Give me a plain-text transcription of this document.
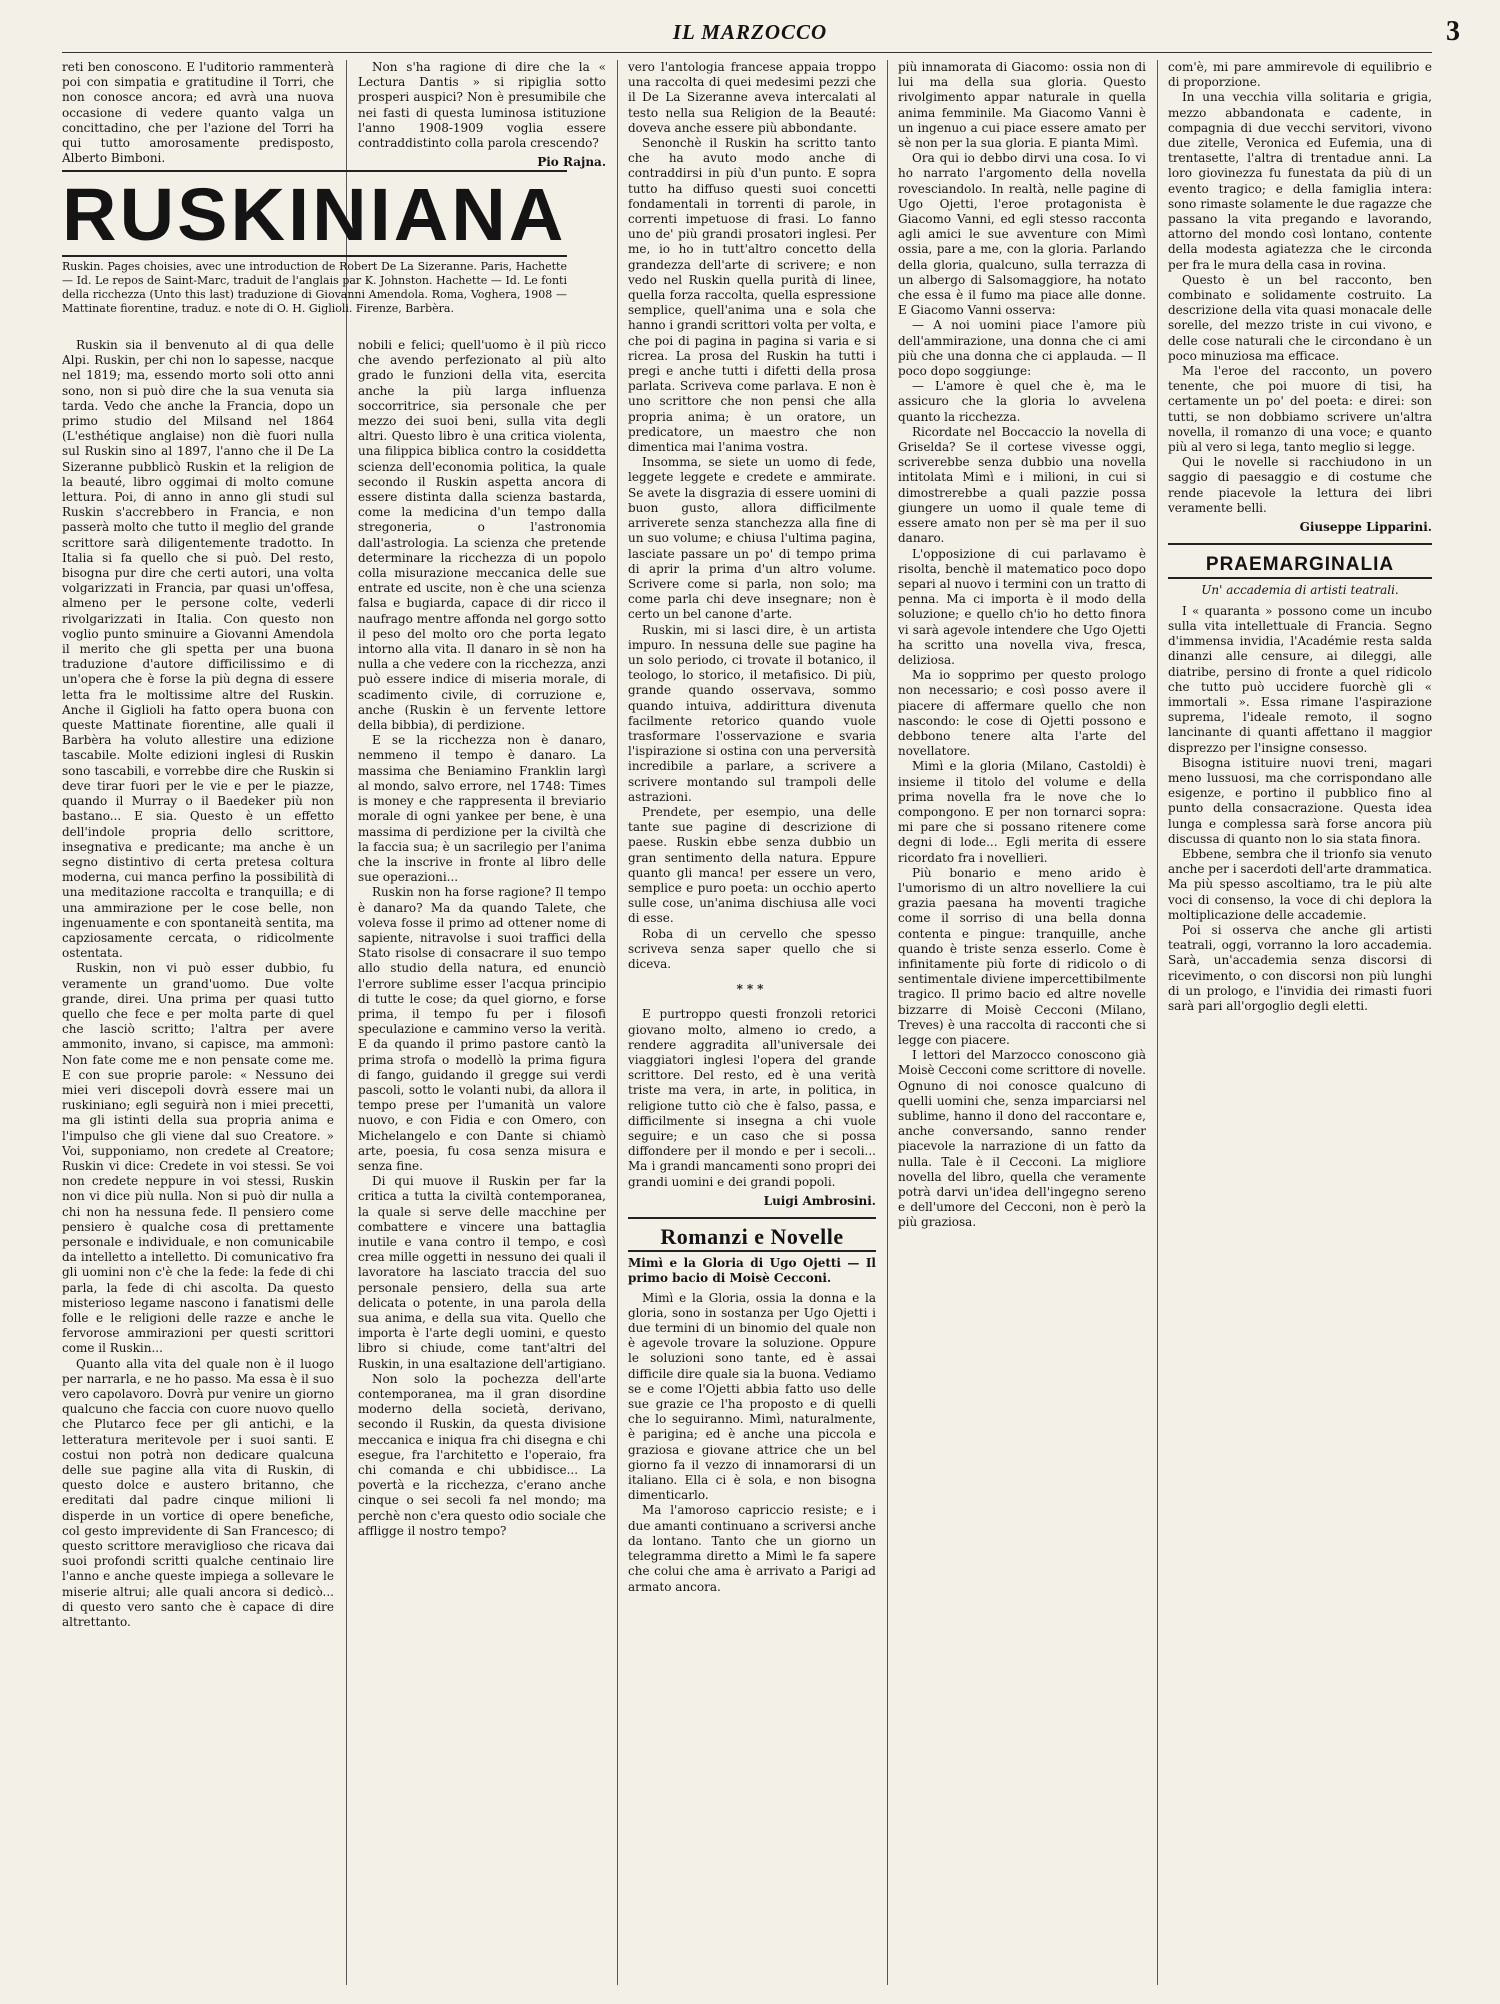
IL MARZOCCO	3

reti ben conoscono. E l'uditorio rammenterà poi con simpatia e gratitudine il Torri, che non conosce ancora; ed avrà una nuova occasione di vedere quanto valga un concittadino, che per l'azione del Torri ha qui tutto amorosamente predisposto, Alberto Bimboni.

Non s'ha ragione di dire che la « Lectura Dantis » si ripiglia sotto prosperi auspici? Non è presumibile che nei fasti di questa luminosa istituzione l'anno 1908-1909 voglia essere contraddistinto colla parola crescendo?

Pio Rajna.
RUSKINIANA
Ruskin. Pages choisies, avec une introduction de Robert De La Sizeranne. Paris, Hachette — Id. Le repos de Saint-Marc, traduit de l'anglais par K. Johnston. Hachette — Id. Le fonti della ricchezza (Unto this last) traduzione di Giovanni Amendola. Roma, Voghera, 1908 — Mattinate fiorentine, traduz. e note di O. H. Giglioli. Firenze, Barbèra.

Ruskin sia il benvenuto al di qua delle Alpi. Ruskin, per chi non lo sapesse, nacque nel 1819; ma, essendo morto soli otto anni sono, non si può dire che la sua venuta sia tarda. Vedo che anche la Francia, dopo un primo studio del Milsand nel 1864 (L'esthétique anglaise) non diè fuori nulla sul Ruskin sino al 1897, l'anno che il De La Sizeranne pubblicò Ruskin et la religion de la beauté, libro oggimai di molto comune lettura. Poi, di anno in anno gli studi sul Ruskin s'accrebbero in Francia, e non passerà molto che tutto il meglio del grande scrittore sarà diligentemente tradotto. In Italia si fa quello che si può. Del resto, bisogna pur dire che certi autori, una volta volgarizzati in Francia, par quasi un'offesa, almeno per le persone colte, vederli rivolgarizzati in Italia. Con questo non voglio punto sminuire a Giovanni Amendola il merito che gli spetta per una buona traduzione d'autore difficilissimo e di un'opera che è forse la più degna di essere letta fra le moltissime altre del Ruskin. Anche il Giglioli ha fatto opera buona con queste Mattinate fiorentine, alle quali il Barbèra ha voluto allestire una edizione tascabile. Molte edizioni inglesi di Ruskin sono tascabili, e vorrebbe dire che Ruskin si deve tirar fuori per le vie e per le piazze, quando il Murray o il Baedeker più non bastano... E sia. Questo è un effetto dell'indole propria dello scrittore, insegnativa e predicante; ma anche è un segno distintivo di certa pretesa coltura moderna, cui manca perfino la possibilità di una meditazione raccolta e tranquilla; e di una ammirazione per le cose belle, non ingenuamente e con spontaneità sentita, ma capziosamente cercata, o ridicolmente ostentata.

Ruskin, non vi può esser dubbio, fu veramente un grand'uomo. Due volte grande, direi. Una prima per quasi tutto quello che fece e per molta parte di quel che lasciò scritto; l'altra per avere ammonito, invano, si capisce, ma ammonì: Non fate come me e non pensate come me. E con sue proprie parole: « Nessuno dei miei veri discepoli dovrà essere mai un ruskiniano; egli seguirà non i miei precetti, ma gli istinti della sua propria anima e l'impulso che gli viene dal suo Creatore. » Voi, supponiamo, non credete al Creatore; Ruskin vi dice: Credete in voi stessi. Se voi non credete neppure in voi stessi, Ruskin non vi dice più nulla. Non si può dir nulla a chi non ha nessuna fede. Il pensiero come pensiero è qualche cosa di prettamente personale e individuale, e non comunicabile da intelletto a intelletto. Di comunicativo fra gli uomini non c'è che la fede: la fede di chi parla, la fede di chi ascolta. Da questo misterioso legame nascono i fanatismi delle folle e le religioni delle razze e anche le fervorose ammirazioni per questi scrittori come il Ruskin...

Quanto alla vita del quale non è il luogo per narrarla, e ne ho passo. Ma essa è il suo vero capolavoro. Dovrà pur venire un giorno qualcuno che faccia con cuore nuovo quello che Plutarco fece per gli antichi, e la letteratura meritevole per i suoi santi. E costui non potrà non dedicare qualcuna delle sue pagine alla vita di Ruskin, di questo dolce e austero britanno, che ereditati dal padre cinque milioni li disperde in un vortice di opere benefiche, col gesto imprevidente di San Francesco; di questo scrittore meraviglioso che ricava dai suoi profondi scritti qualche centinaio lire l'anno e anche queste impiega a sollevare le miserie altrui; alle quali ancora si dedicò... di questo vero santo che è capace di dire altrettanto.

nobili e felici; quell'uomo è il più ricco che avendo perfezionato al più alto grado le funzioni della vita, esercita anche la più larga influenza soccorritrice, sia personale che per mezzo dei suoi beni, sulla vita degli altri. Questo libro è una critica violenta, una filippica biblica contro la cosiddetta scienza dell'economia politica, la quale secondo il Ruskin aspetta ancora di essere distinta dalla scienza bastarda, come la medicina d'un tempo dalla stregoneria, o l'astronomia dall'astrologia. La scienza che pretende determinare la ricchezza di un popolo colla misurazione meccanica delle sue entrate ed uscite, non è che una scienza falsa e bugiarda, capace di dir ricco il naufrago mentre affonda nel gorgo sotto il peso del molto oro che porta legato intorno alla vita. Il danaro in sè non ha nulla a che vedere con la ricchezza, anzi può essere indice di miseria morale, di scadimento civile, di corruzione e, anche (Ruskin è un fervente lettore della bibbia), di perdizione.

E se la ricchezza non è danaro, nemmeno il tempo è danaro. La massima che Beniamino Franklin largì al mondo, salvo errore, nel 1748: Times is money e che rappresenta il breviario morale di ogni yankee per bene, è una massima di perdizione per la civiltà che la faccia sua; è un sacrilegio per l'anima che la inscrive in fronte al libro delle sue operazioni...

Ruskin non ha forse ragione? Il tempo è danaro? Ma da quando Talete, che voleva fosse il primo ad ottener nome di sapiente, nitravolse i suoi traffici della Stato risolse di consacrare il suo tempo allo studio della natura, ed enunciò l'errore sublime esser l'acqua principio di tutte le cose; da quel giorno, e forse prima, il tempo fu per i filosofi speculazione e cammino verso la verità. E da quando il primo pastore cantò la prima strofa o modellò la prima figura di fango, guidando il gregge sui verdi pascoli, sotto le volanti nubi, da allora il tempo prese per l'umanità un valore nuovo, e con Fidia e con Omero, con Michelangelo e con Dante si chiamò arte, poesia, fu cosa senza misura e senza fine.

Di qui muove il Ruskin per far la critica a tutta la civiltà contemporanea, la quale si serve delle macchine per combattere e vincere una battaglia inutile e vana contro il tempo, e così crea mille oggetti in nessuno dei quali il lavoratore ha lasciato traccia del suo personale pensiero, della sua arte delicata o potente, in una parola della sua anima, e della sua vita. Quello che importa è l'arte degli uomini, e questo libro si chiude, come tant'altri del Ruskin, in una esaltazione dell'artigiano.

Non solo la pochezza dell'arte contemporanea, ma il gran disordine moderno della società, derivano, secondo il Ruskin, da questa divisione meccanica e iniqua fra chi disegna e chi esegue, fra l'architetto e l'operaio, fra chi comanda e chi ubbidisce... La povertà e la ricchezza, c'erano anche cinque o sei secoli fa nel mondo; ma perchè non c'era questo odio sociale che affligge il nostro tempo?

vero l'antologia francese appaia troppo una raccolta di quei medesimi pezzi che il De La Sizeranne aveva intercalati al testo nella sua Religion de la Beauté: doveva anche essere più abbondante.

Senonchè il Ruskin ha scritto tanto che ha avuto modo anche di contraddirsi in più d'un punto. E sopra tutto ha diffuso questi suoi concetti fondamentali in torrenti di parole, in correnti impetuose di frasi. Lo fanno uno de' più grandi prosatori inglesi. Per me, io ho in tutt'altro concetto della grandezza dell'arte di scrivere; e non vedo nel Ruskin quella purità di linee, quella forza raccolta, quella espressione semplice, quell'anima una e sola che hanno i grandi scrittori volta per volta, e che poi di pagina in pagina si varia e si ricrea. La prosa del Ruskin ha tutti i pregi e anche tutti i difetti della prosa parlata. Scriveva come parlava. E non è uno scrittore che non pensi che alla propria anima; è un oratore, un predicatore, un maestro che non dimentica mai l'anima vostra.

Insomma, se siete un uomo di fede, leggete leggete e credete e ammirate. Se avete la disgrazia di essere uomini di buon gusto, allora difficilmente arriverete senza stanchezza alla fine di un suo volume; e chiusa l'ultima pagina, lasciate passare un po' di tempo prima di aprir la prima d'un altro volume. Scrivere come si parla, non solo; ma come parla chi deve insegnare; non è certo un bel canone d'arte.

Ruskin, mi si lasci dire, è un artista impuro. In nessuna delle sue pagine ha un solo periodo, ci trovate il botanico, il teologo, lo storico, il metafisico. Di più, grande quando osservava, sommo quando intuiva, addirittura divenuta facilmente retorico quando vuole trasformare l'osservazione e svaria l'ispirazione si ostina con una perversità incredibile a parlare, a scrivere a scrivere montando sul trampoli delle astrazioni.

Prendete, per esempio, una delle tante sue pagine di descrizione di paese. Ruskin ebbe senza dubbio un gran sentimento della natura. Eppure quanto gli manca! per essere un vero, semplice e puro poeta: un occhio aperto sulle cose, un'anima dischiusa alle voci di esse.

Roba di un cervello che spesso scriveva senza saper quello che si diceva.

***

E purtroppo questi fronzoli retorici giovano molto, almeno io credo, a rendere aggradita all'universale dei viaggiatori inglesi l'opera del grande scrittore. Del resto, ed è una verità triste ma vera, in arte, in politica, in religione tutto ciò che è falso, passa, e difficilmente si insegna a chi vuole seguire; e un caso che si possa diffondere per il mondo e per i secoli... Ma i grandi mancamenti sono propri dei grandi uomini e dei grandi popoli.

Luigi Ambrosini.
Romanzi e Novelle

Mimì e la Gloria di Ugo Ojetti — Il primo bacio di Moisè Cecconi.

Mimì e la Gloria, ossia la donna e la gloria, sono in sostanza per Ugo Ojetti i due termini di un binomio del quale non è agevole trovare la soluzione. Oppure le soluzioni sono tante, ed è assai difficile dire quale sia la buona. Vediamo se e come l'Ojetti abbia fatto uso delle sue grazie ce l'ha proposto e di quelli che lo seguiranno. Mimì, naturalmente, è parigina; ed è anche una piccola e graziosa e giovane attrice che un bel giorno fa il vezzo di innamorarsi di un italiano. Ella ci è sola, e non bisogna dimenticarlo.

Ma l'amoroso capriccio resiste; e i due amanti continuano a scriversi anche da lontano. Tanto che un giorno un telegramma diretto a Mimì le fa sapere che colui che ama è arrivato a Parigi ad armato ancora.

più innamorata di Giacomo: ossia non di lui ma della sua gloria. Questo rivolgimento appar naturale in quella anima femminile. Ma Giacomo Vanni è un ingenuo a cui piace essere amato per sè non per la sua gloria. E pianta Mimì.

Ora qui io debbo dirvi una cosa. Io vi ho narrato l'argomento della novella rovesciandolo. In realtà, nelle pagine di Ugo Ojetti, l'eroe protagonista è Giacomo Vanni, ed egli stesso racconta agli amici le sue avventure con Mimì ossia, pare a me, con la gloria. Parlando della gloria, qualcuno, sulla terrazza di un albergo di Salsomaggiore, ha notato che essa è il fumo ma piace alle donne. E Giacomo Vanni osserva:

— A noi uomini piace l'amore più dell'ammirazione, una donna che ci ami più che una donna che ci applauda. — Il poco dopo soggiunge:

— L'amore è quel che è, ma le assicuro che la gloria lo avvelena quanto la ricchezza.

Ricordate nel Boccaccio la novella di Griselda? Se il cortese vivesse oggi, scriverebbe senza dubbio una novella intitolata Mimì e i milioni, in cui si dimostrerebbe a quali pazzie possa giungere un uomo il quale teme di essere amato non per sè ma per il suo danaro.

L'opposizione di cui parlavamo è risolta, benchè il matematico poco dopo separi al nuovo i termini con un tratto di penna. Ma ci importa è il modo della soluzione; e quello ch'io ho detto finora vi sarà agevole intendere che Ugo Ojetti ha scritto una novella viva, fresca, deliziosa.

Ma io sopprimo per questo prologo non necessario; e così posso avere il piacere di affermare quello che non nascondo: le cose di Ojetti possono e debbono tenere alta l'arte del novellatore.

Mimì e la gloria (Milano, Castoldi) è insieme il titolo del volume e della prima novella fra le nove che lo compongono. E per non tornarci sopra: mi pare che si possano ritenere come degni di lode... Egli merita di essere ricordato fra i novellieri.

Più bonario e meno arido è l'umorismo di un altro novelliere la cui grazia paesana ha moventi tragiche come il sorriso di una bella donna contenta e pingue: tranquille, anche quando è triste senza esserlo. Come è infinitamente più forte di ridicolo o di sentimentale diviene impercettibilmente tragico. Il primo bacio ed altre novelle bizzarre di Moisè Cecconi (Milano, Treves) è una raccolta di racconti che si legge con piacere.

I lettori del Marzocco conoscono già Moisè Cecconi come scrittore di novelle. Ognuno di noi conosce qualcuno di quelli uomini che, senza imparciarsi nel sublime, hanno il dono del raccontare e, anche conversando, sanno render piacevole la narrazione di un fatto da nulla. Tale è il Cecconi. La migliore novella del libro, quella che veramente potrà darvi un'idea dell'ingegno sereno e dell'umore del Cecconi, non è però la più graziosa.

com'è, mi pare ammirevole di equilibrio e di proporzione.

In una vecchia villa solitaria e grigia, mezzo abbandonata e cadente, in compagnia di due vecchi servitori, vivono due zitelle, Veronica ed Eufemia, una di trentasette, l'altra di trentadue anni. La loro giovinezza fu funestata da più di un evento tragico; e della famiglia intera: sono rimaste solamente le due ragazze che passano la vita pregando e lavorando, attorno del mondo così lontano, contente della modesta agiatezza che le circonda per fra le mura della casa in rovina.

Questo è un bel racconto, ben combinato e solidamente costruito. La descrizione della vita quasi monacale delle sorelle, del mezzo triste in cui vivono, e delle cose naturali che le circondano è un poco minuziosa ma efficace.

Ma l'eroe del racconto, un povero tenente, che poi muore di tisi, ha certamente un po' del poeta: e direi: son tutti, se non dobbiamo scrivere un'altra novella, il romanzo di una voce; e quanto più al vero si lega, tanto meglio si legge.

Qui le novelle si racchiudono in un saggio di paesaggio e di costume che rende piacevole la lettura dei libri veramente belli.

Giuseppe Lipparini.
PRAEMARGINALIA
Un' accademia di artisti teatrali.

I « quaranta » possono come un incubo sulla vita intellettuale di Francia. Segno d'immensa invidia, l'Académie resta salda dinanzi alle censure, ai dileggi, alle diatribe, persino di fronte a quel ridicolo che tutto può uccidere fuorchè gli « immortali ». Essa rimane l'aspirazione suprema, l'ideale remoto, il sogno lancinante di quanti affettano il maggior disprezzo per l'insigne consesso.

Bisogna istituire nuovi treni, magari meno lussuosi, ma che corrispondano alle esigenze, e portino il pubblico fino al punto della consacrazione. Questa idea lunga e complessa sarà forse ancora più discussa di quanto non lo sia stata finora.

Ebbene, sembra che il trionfo sia venuto anche per i sacerdoti dell'arte drammatica. Ma più spesso ascoltiamo, tra le più alte voci di consenso, la voce di chi deplora la moltiplicazione delle accademie.

Poi si osserva che anche gli artisti teatrali, oggi, vorranno la loro accademia. Sarà, un'accademia senza discorsi di ricevimento, o con discorsi non più lunghi di un prologo, e l'invidia dei rimasti fuori sarà pari all'orgoglio degli eletti.
